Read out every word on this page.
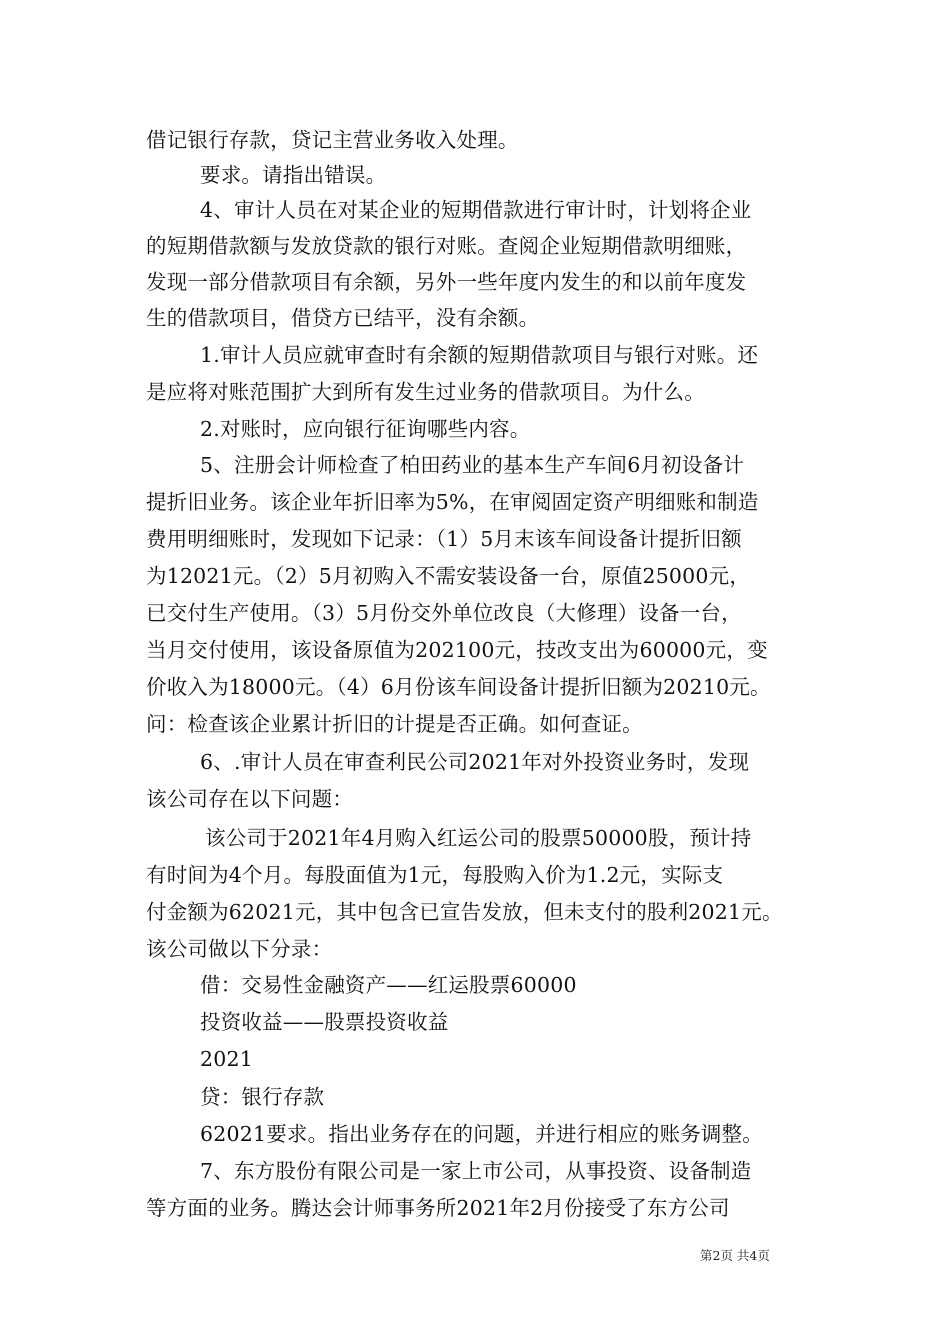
借记银行存款，贷记主营业务收入处理。
要求。请指出错误。
4、审计人员在对某企业的短期借款进行审计时，计划将企业
的短期借款额与发放贷款的银行对账。查阅企业短期借款明细账，
发现一部分借款项目有余额，另外一些年度内发生的和以前年度发
生的借款项目，借贷方已结平，没有余额。
1.审计人员应就审查时有余额的短期借款项目与银行对账。还
是应将对账范围扩大到所有发生过业务的借款项目。为什么。
2.对账时，应向银行征询哪些内容。
5、注册会计师检查了柏田药业的基本生产车间6月初设备计
提折旧业务。该企业年折旧率为5%，在审阅固定资产明细账和制造
费用明细账时，发现如下记录：（1）5月末该车间设备计提折旧额
为12021元。（2）5月初购入不需安装设备一台，原值25000元，
已交付生产使用。（3）5月份交外单位改良（大修理）设备一台，
当月交付使用，该设备原值为202100元，技改支出为60000元，变
价收入为18000元。（4）6月份该车间设备计提折旧额为20210元。
问：检查该企业累计折旧的计提是否正确。如何查证。
6、.审计人员在审查利民公司2021年对外投资业务时，发现
该公司存在以下问题：
该公司于2021年4月购入红运公司的股票50000股，预计持
有时间为4个月。每股面值为1元，每股购入价为1.2元，实际支
付金额为62021元，其中包含已宣告发放，但未支付的股利2021元。
该公司做以下分录：
借：交易性金融资产——红运股票60000
投资收益——股票投资收益
2021
贷：银行存款
62021要求。指出业务存在的问题，并进行相应的账务调整。
7、东方股份有限公司是一家上市公司，从事投资、设备制造
等方面的业务。腾达会计师事务所2021年2月份接受了东方公司
第2页 共4页
